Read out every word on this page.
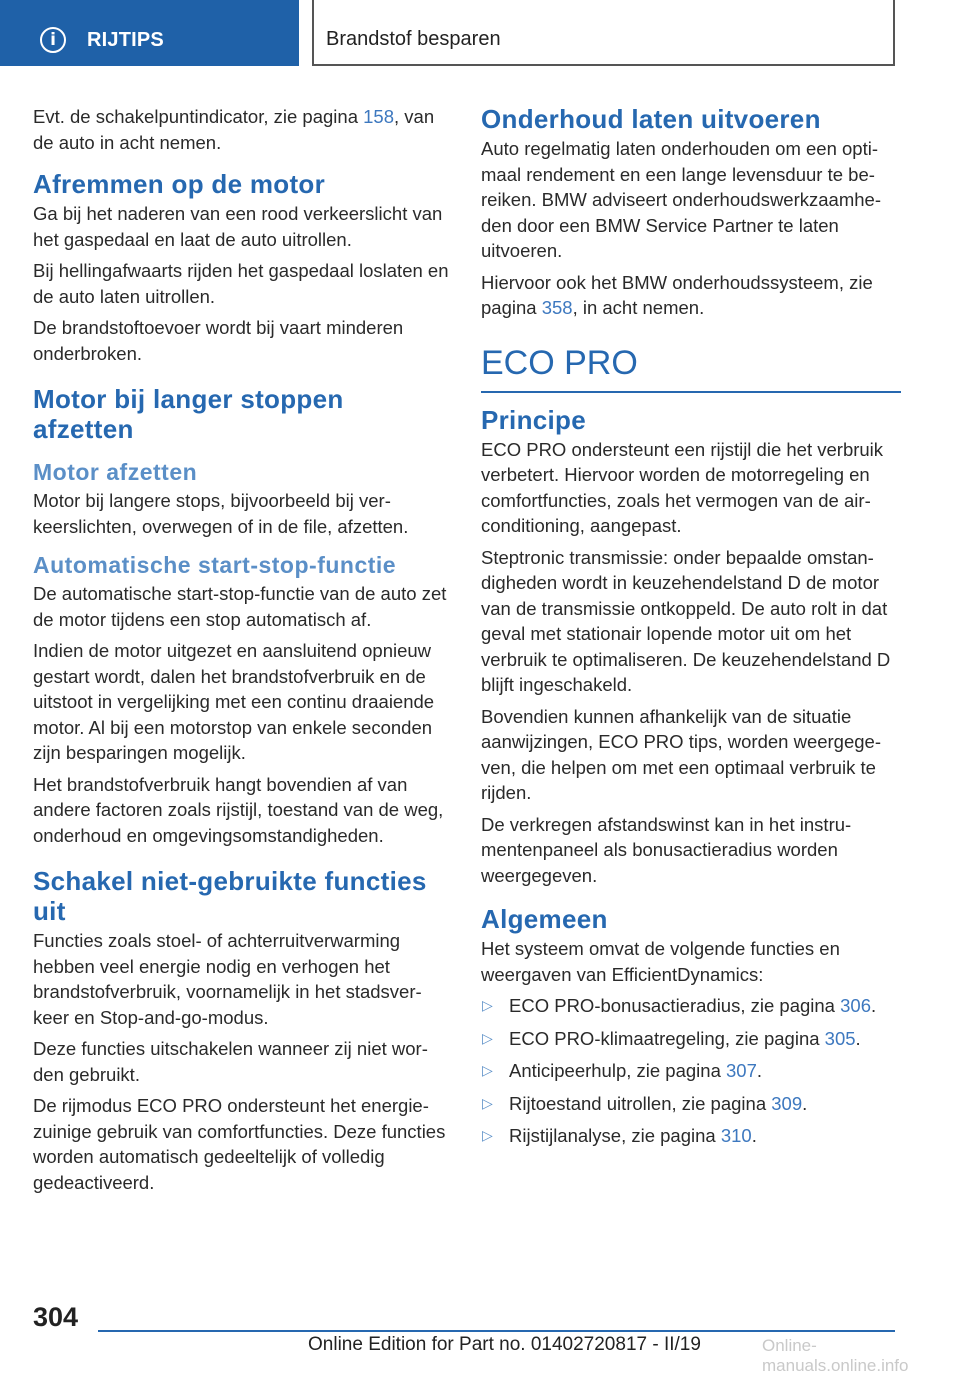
i RIJTIPS	Brandstof besparen

Evt. de schakelpuntindicator, zie pagina 158, van de auto in acht nemen.

Afremmen op de motor

Ga bij het naderen van een rood verkeerslicht van het gaspedaal en laat de auto uitrollen.

Bij hellingafwaarts rijden het gaspedaal loslaten en de auto laten uitrollen.

De brandstoftoevoer wordt bij vaart minderen onderbroken.

Motor bij langer stoppen afzetten
Motor afzetten

Motor bij langere stops, bijvoorbeeld bij verkeerslichten, overwegen of in de file, afzetten.

Automatische start-stop-functie

De automatische start-stop-functie van de auto zet de motor tijdens een stop automatisch af.

Indien de motor uitgezet en aansluitend opnieuw gestart wordt, dalen het brandstofverbruik en de uitstoot in vergelijking met een continu draaiende motor. Al bij een motorstop van enkele seconden zijn besparingen mogelijk.

Het brandstofverbruik hangt bovendien af van andere factoren zoals rijstijl, toestand van de weg, onderhoud en omgevingsomstandigheden.

Schakel niet-gebruikte functies uit

Functies zoals stoel- of achterruitverwarming hebben veel energie nodig en verhogen het brandstofverbruik, voornamelijk in het stadsverkeer en Stop-and-go-modus.

Deze functies uitschakelen wanneer zij niet worden gebruikt.

De rijmodus ECO PRO ondersteunt het energiezuinige gebruik van comfortfuncties. Deze functies worden automatisch gedeeltelijk of volledig gedeactiveerd.

Onderhoud laten uitvoeren

Auto regelmatig laten onderhouden om een optimaal rendement en een lange levensduur te bereiken. BMW adviseert onderhoudswerkzaamheden door een BMW Service Partner te laten uitvoeren.

Hiervoor ook het BMW onderhoudssysteem, zie pagina 358, in acht nemen.

ECO PRO
Principe

ECO PRO ondersteunt een rijstijl die het verbruik verbetert. Hiervoor worden de motorregeling en comfortfuncties, zoals het vermogen van de airconditioning, aangepast.

Steptronic transmissie: onder bepaalde omstandigheden wordt in keuzehendelstand D de motor van de transmissie ontkoppeld. De auto rolt in dat geval met stationair lopende motor uit om het verbruik te optimaliseren. De keuzehendelstand D blijft ingeschakeld.

Bovendien kunnen afhankelijk van de situatie aanwijzingen, ECO PRO tips, worden weergegeven, die helpen om met een optimaal verbruik te rijden.

De verkregen afstandswinst kan in het instrumentenpaneel als bonusactieradius worden weergegeven.

Algemeen

Het systeem omvat de volgende functies en weergaven van EfficientDynamics:

▷ ECO PRO-bonusactieradius, zie pagina 306.
▷ ECO PRO-klimaatregeling, zie pagina 305.
▷ Anticipeerhulp, zie pagina 307.
▷ Rijtoestand uitrollen, zie pagina 309.
▷ Rijstijlanalyse, zie pagina 310.
304
Online Edition for Part no. 01402720817 - II/19	Online-manuals.online.info
